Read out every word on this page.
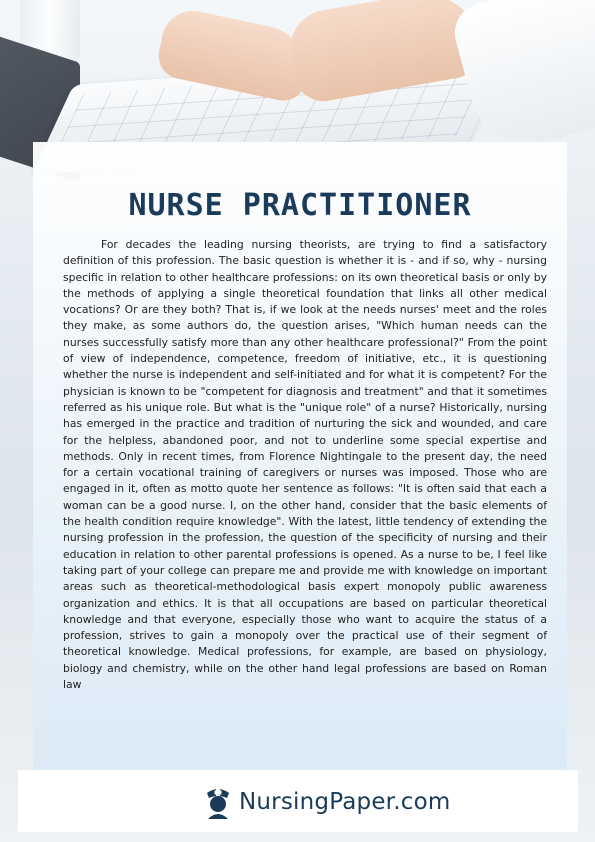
NURSE PRACTITIONER

For decades the leading nursing theorists, are trying to find a satisfactory definition of this profession. The basic question is whether it is - and if so, why - nursing specific in relation to other healthcare professions: on its own theoretical basis or only by the methods of applying a single theoretical foundation that links all other medical vocations? Or are they both? That is, if we look at the needs nurses' meet and the roles they make, as some authors do, the question arises, "Which human needs can the nurses successfully satisfy more than any other healthcare professional?" From the point of view of independence, competence, freedom of initiative, etc., it is questioning whether the nurse is independent and self-initiated and for what it is competent? For the physician is known to be "competent for diagnosis and treatment" and that it sometimes referred as his unique role. But what is the "unique role" of a nurse? Historically, nursing has emerged in the practice and tradition of nurturing the sick and wounded, and care for the helpless, abandoned poor, and not to underline some special expertise and methods. Only in recent times, from Florence Nightingale to the present day, the need for a certain vocational training of caregivers or nurses was imposed. Those who are engaged in it, often as motto quote her sentence as follows: "It is often said that each a woman can be a good nurse. I, on the other hand, consider that the basic elements of the health condition require knowledge". With the latest, little tendency of extending the nursing profession in the profession, the question of the specificity of nursing and their education in relation to other parental professions is opened. As a nurse to be, I feel like taking part of your college can prepare me and provide me with knowledge on important areas such as theoretical-methodological basis expert monopoly public awareness organization and ethics. It is that all occupations are based on particular theoretical knowledge and that everyone, especially those who want to acquire the status of a profession, strives to gain a monopoly over the practical use of their segment of theoretical knowledge. Medical professions, for example, are based on physiology, biology and chemistry, while on the other hand legal professions are based on Roman law

NursingPaper.com
